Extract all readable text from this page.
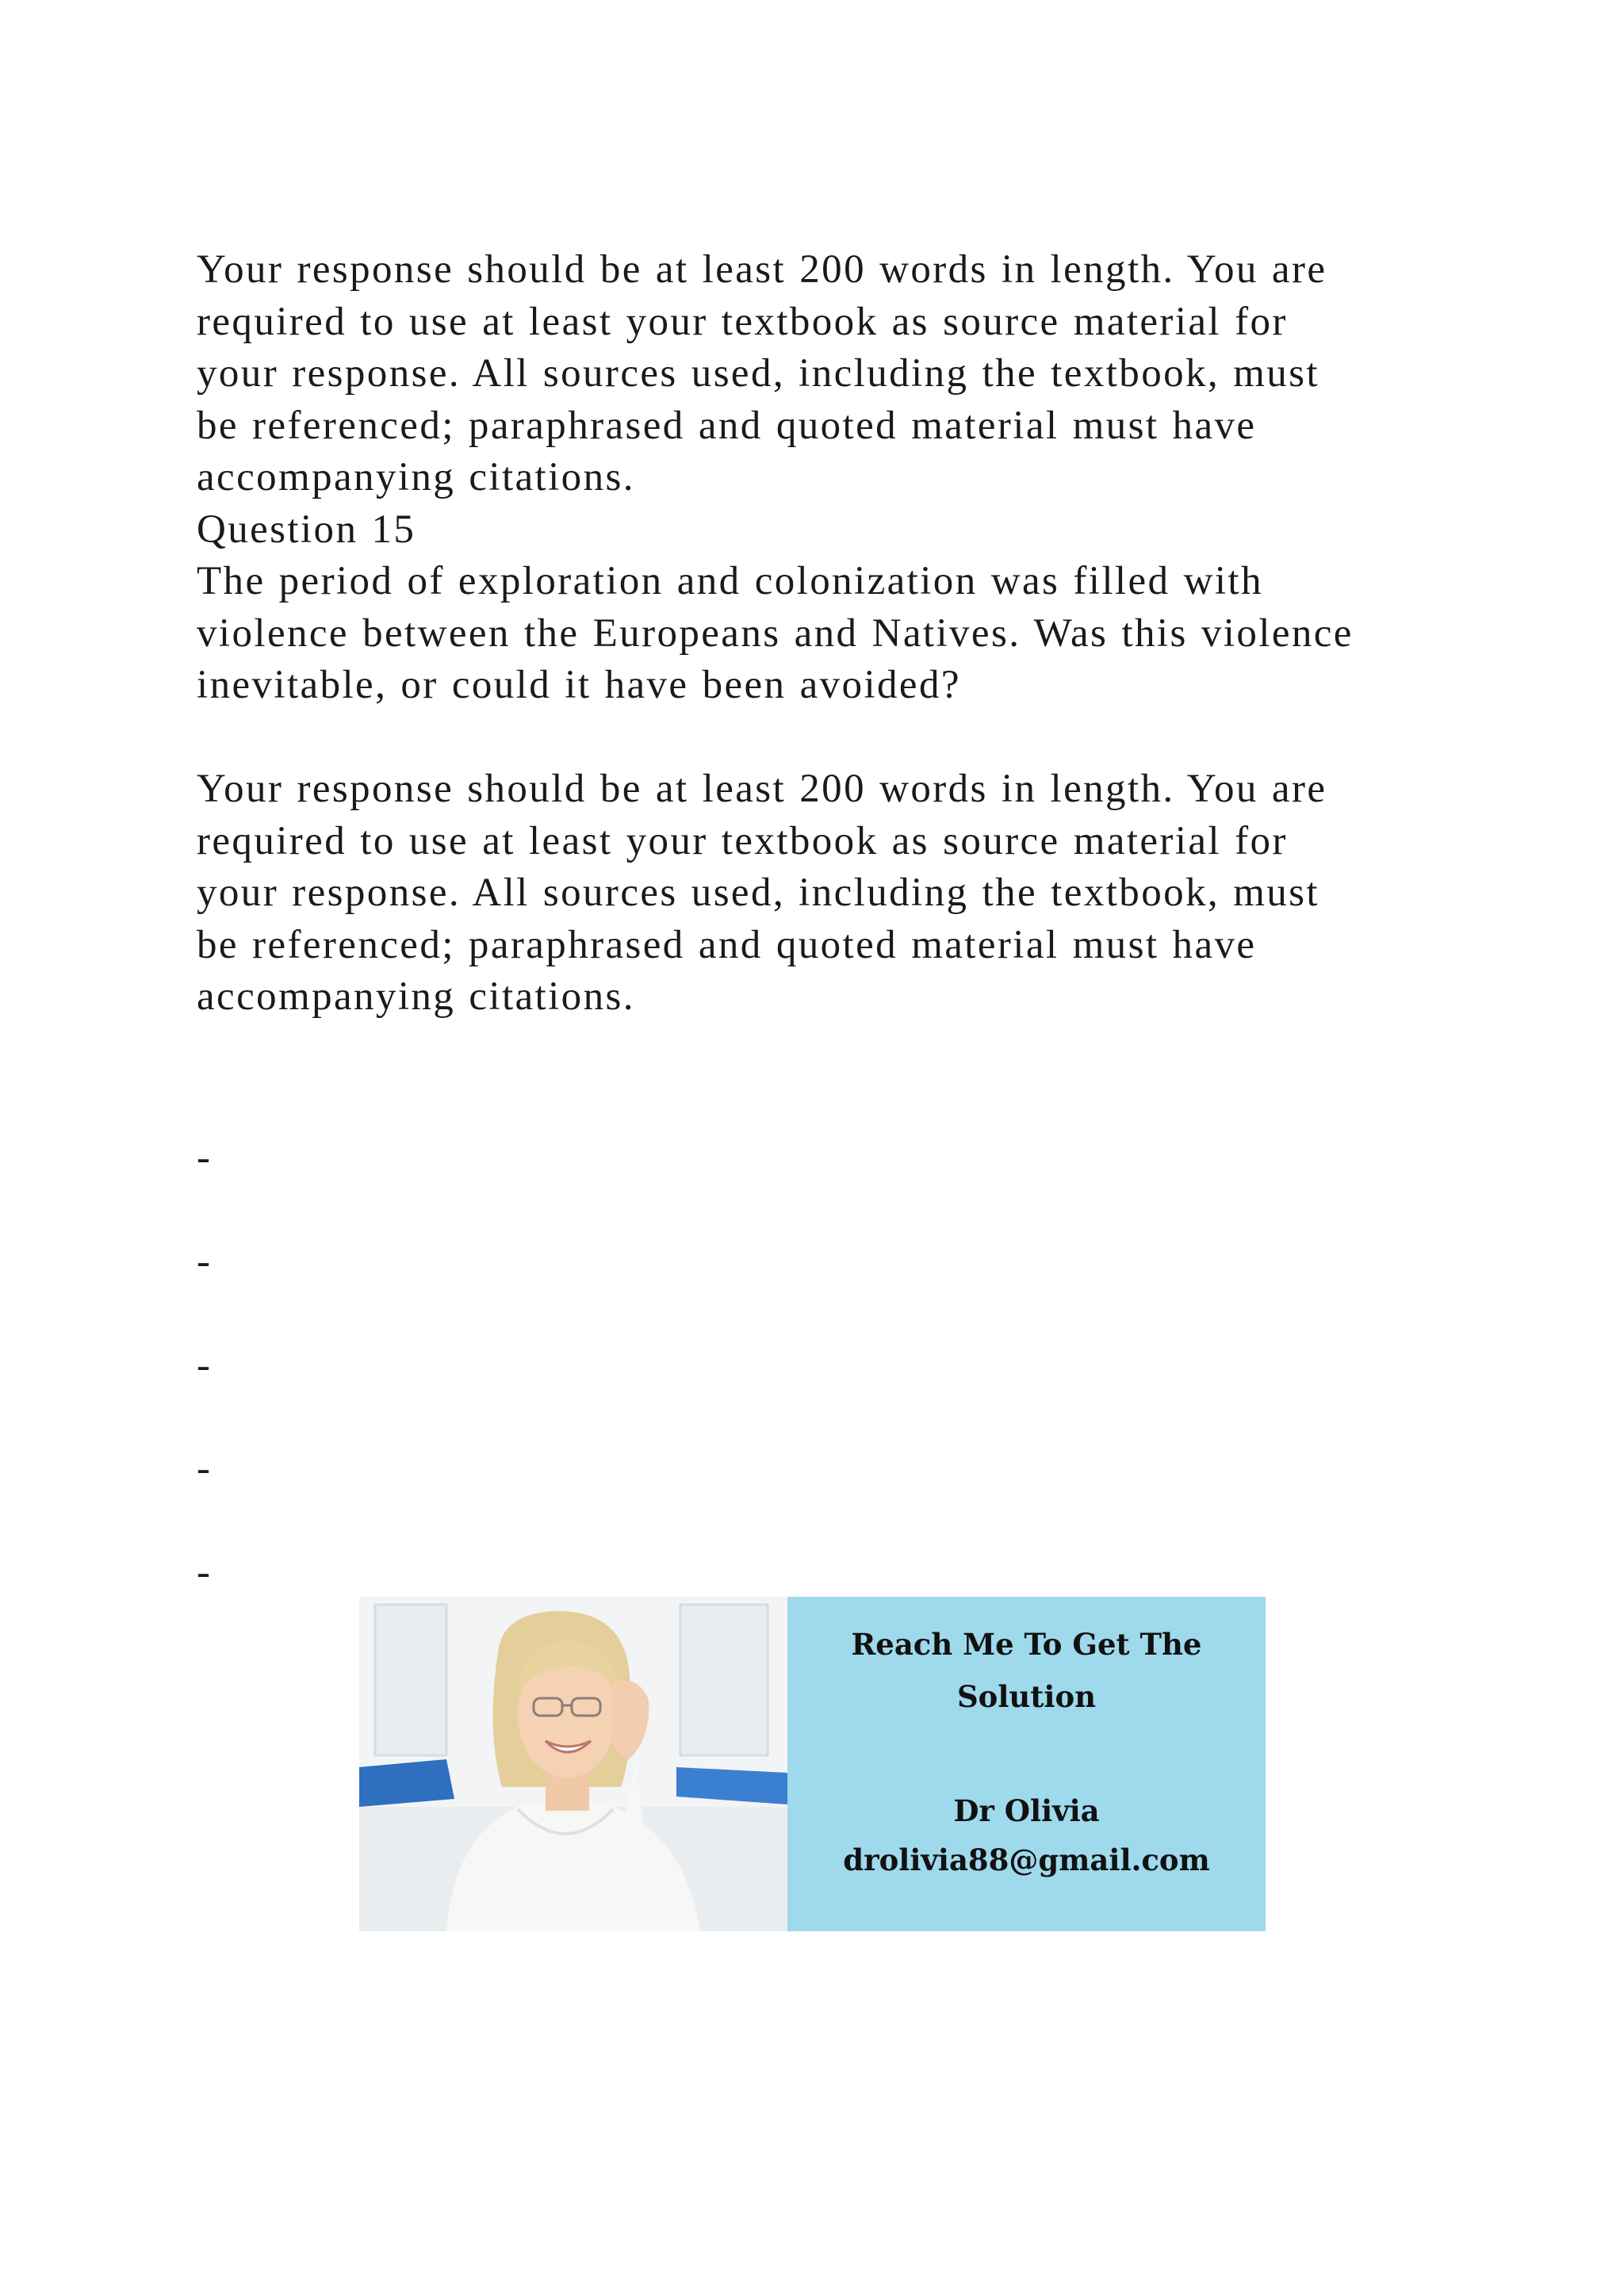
Your response should be at least 200 words in length. You are
required to use at least your textbook as source material for
your response. All sources used, including the textbook, must
be referenced; paraphrased and quoted material must have
accompanying citations.
Question 15
The period of exploration and colonization was filled with
violence between the Europeans and Natives. Was this violence
inevitable, or could it have been avoided?
Your response should be at least 200 words in length. You are
required to use at least your textbook as source material for
your response. All sources used, including the textbook, must
be referenced; paraphrased and quoted material must have
accompanying citations.
-
-
-
-
-
Reach Me To Get The
Solution
Dr Olivia
drolivia88@gmail.com
